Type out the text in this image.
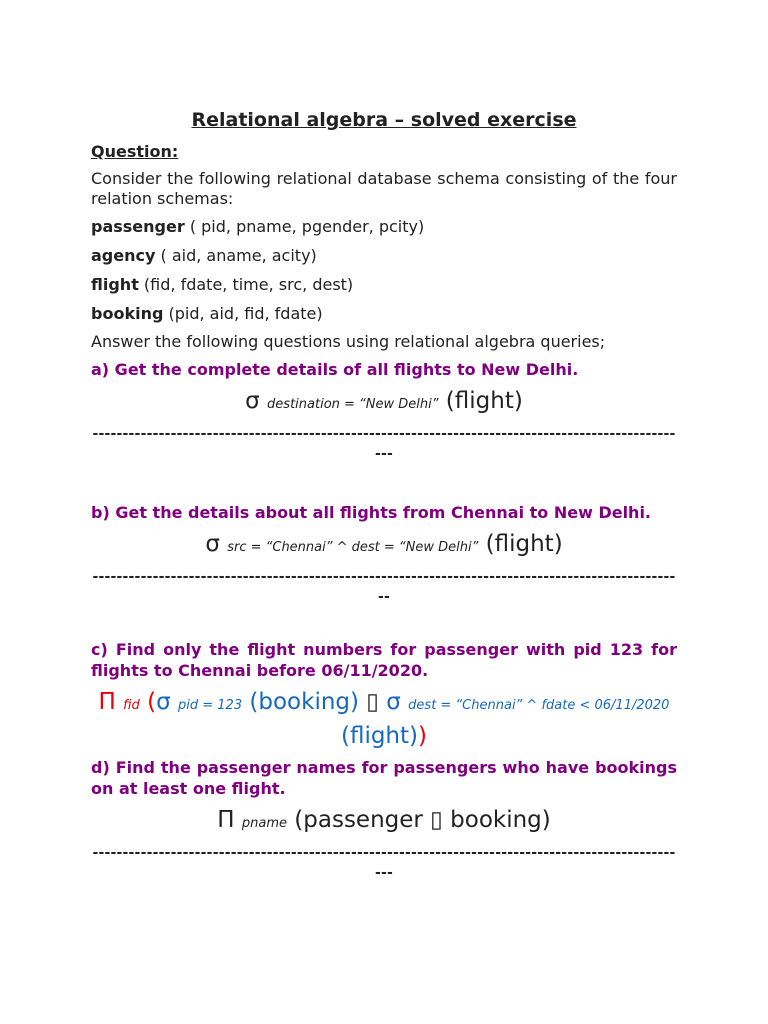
Relational algebra – solved exercise
Question:
Consider the following relational database schema consisting of the four relation schemas:
passenger ( pid, pname, pgender, pcity)
agency ( aid, aname, acity)
flight (fid, fdate, time, src, dest)
booking (pid, aid, fid, fdate)
Answer the following questions using relational algebra queries;
a) Get the complete details of all flights to New Delhi.
σ destination = “New Delhi” (flight)
----------------------------------------------------------------------------------------------------
b) Get the details about all flights from Chennai to New Delhi.
σ src = “Chennai” ^ dest = “New Delhi” (flight)
---------------------------------------------------------------------------------------------------
c) Find only the flight numbers for passenger with pid 123 for flights to Chennai before 06/11/2020.
Π fid (σ pid = 123 (booking) ▯ σ dest = “Chennai” ^ fdate < 06/11/2020 (flight))
d) Find the passenger names for passengers who have bookings on at least one flight.
Π pname (passenger ▯ booking)
----------------------------------------------------------------------------------------------------
